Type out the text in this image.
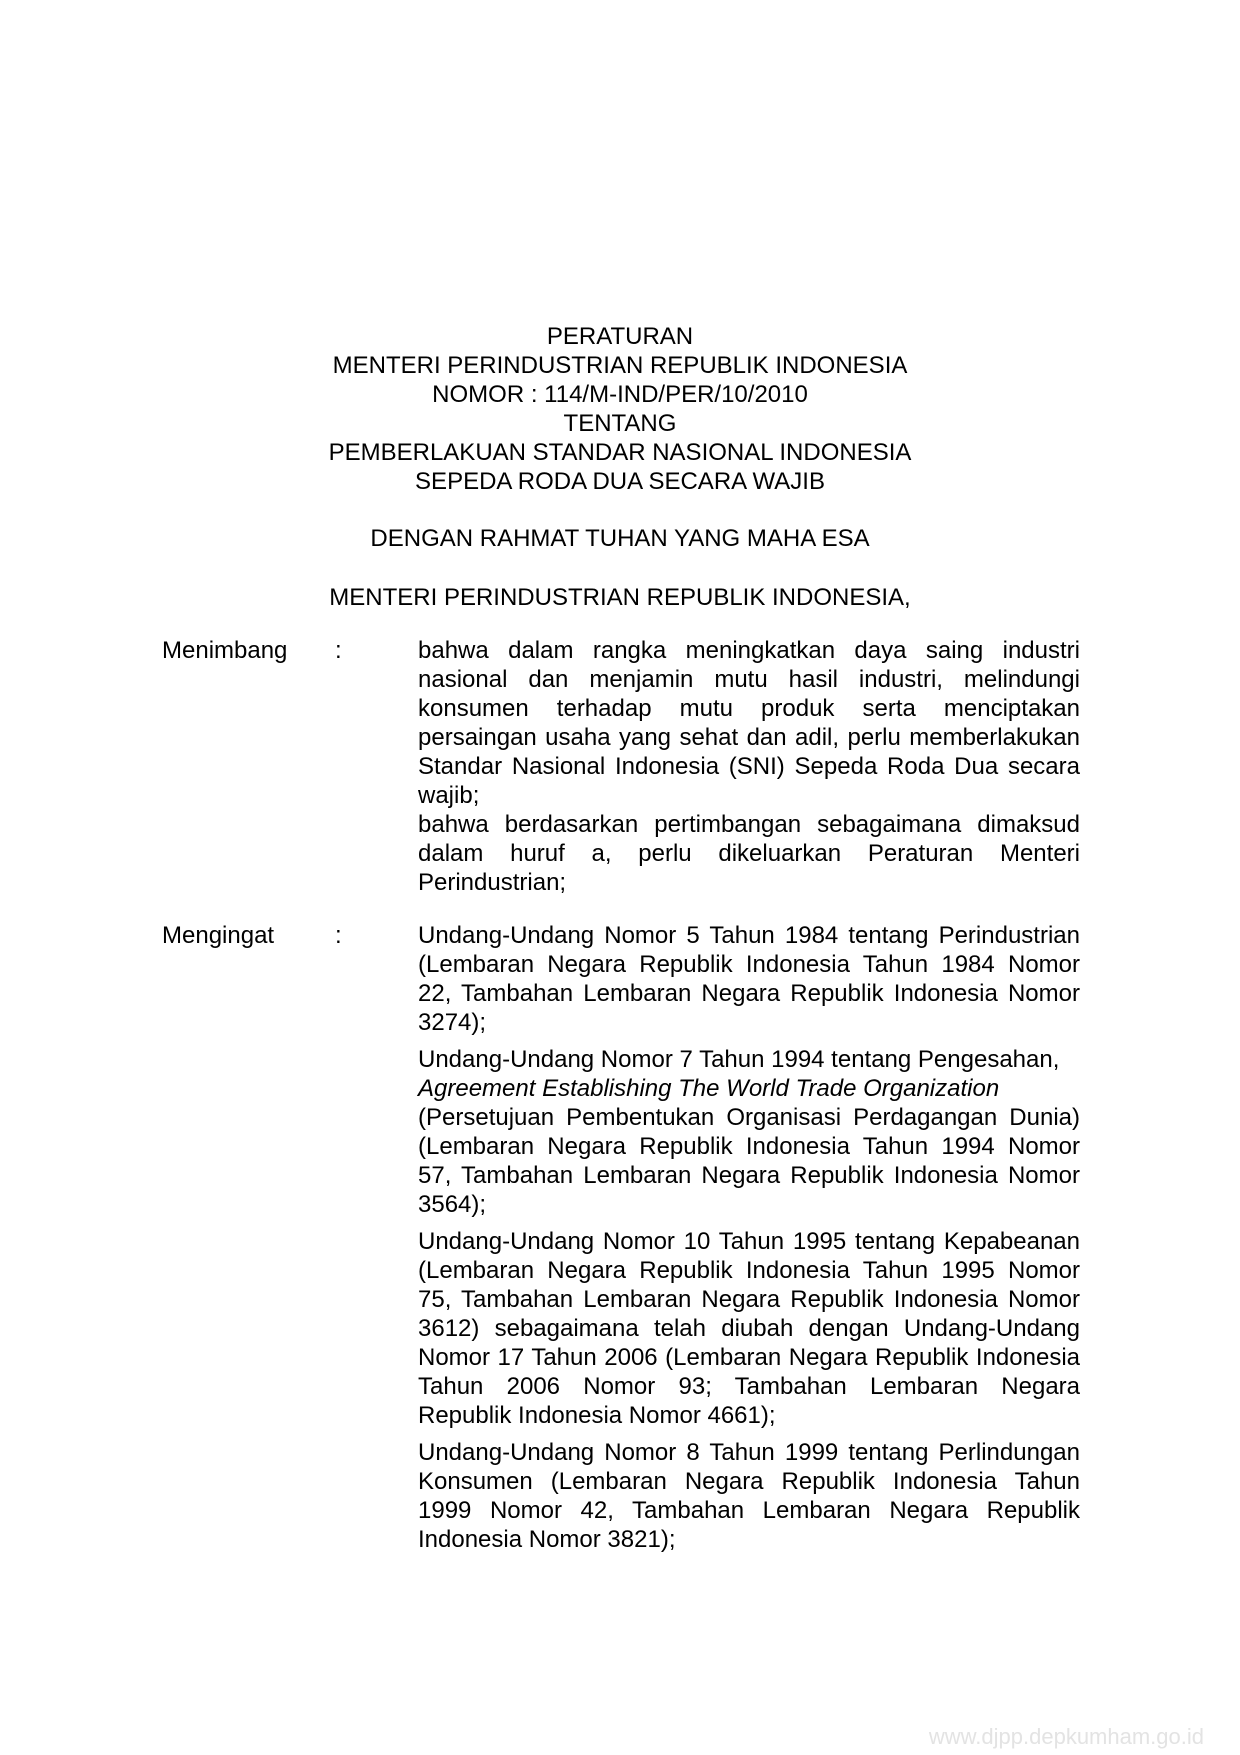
PERATURAN
MENTERI PERINDUSTRIAN REPUBLIK INDONESIA
NOMOR : 114/M-IND/PER/10/2010
TENTANG
PEMBERLAKUAN STANDAR NASIONAL INDONESIA
SEPEDA RODA DUA SECARA WAJIB
DENGAN RAHMAT TUHAN YANG MAHA ESA
MENTERI PERINDUSTRIAN REPUBLIK INDONESIA,
Menimbang :	bahwa dalam rangka meningkatkan daya saing industri nasional dan menjamin mutu hasil industri, melindungi konsumen terhadap mutu produk serta menciptakan persaingan usaha yang sehat dan adil, perlu memberlakukan Standar Nasional Indonesia (SNI) Sepeda Roda Dua secara wajib;

bahwa berdasarkan pertimbangan sebagaimana dimaksud dalam huruf a, perlu dikeluarkan Peraturan Menteri Perindustrian;

Mengingat	:	Undang-Undang Nomor 5 Tahun 1984 tentang Perindustrian (Lembaran Negara Republik Indonesia Tahun 1984 Nomor 22, Tambahan Lembaran Negara Republik Indonesia Nomor 3274);

Undang-Undang Nomor 7 Tahun 1994 tentang Pengesahan,
Agreement Establishing The World Trade Organization
(Persetujuan Pembentukan Organisasi Perdagangan Dunia) (Lembaran Negara Republik Indonesia Tahun 1994 Nomor 57, Tambahan Lembaran Negara Republik Indonesia Nomor 3564);

Undang-Undang Nomor 10 Tahun 1995 tentang Kepabeanan (Lembaran Negara Republik Indonesia Tahun 1995 Nomor 75, Tambahan Lembaran Negara Republik Indonesia Nomor 3612) sebagaimana telah diubah dengan Undang-Undang Nomor 17 Tahun 2006 (Lembaran Negara Republik Indonesia Tahun 2006 Nomor 93; Tambahan Lembaran Negara Republik Indonesia Nomor 4661);

Undang-Undang Nomor 8 Tahun 1999 tentang Perlindungan Konsumen (Lembaran Negara Republik Indonesia Tahun 1999 Nomor 42, Tambahan Lembaran Negara Republik Indonesia Nomor 3821);

www.djpp.depkumham.go.id
